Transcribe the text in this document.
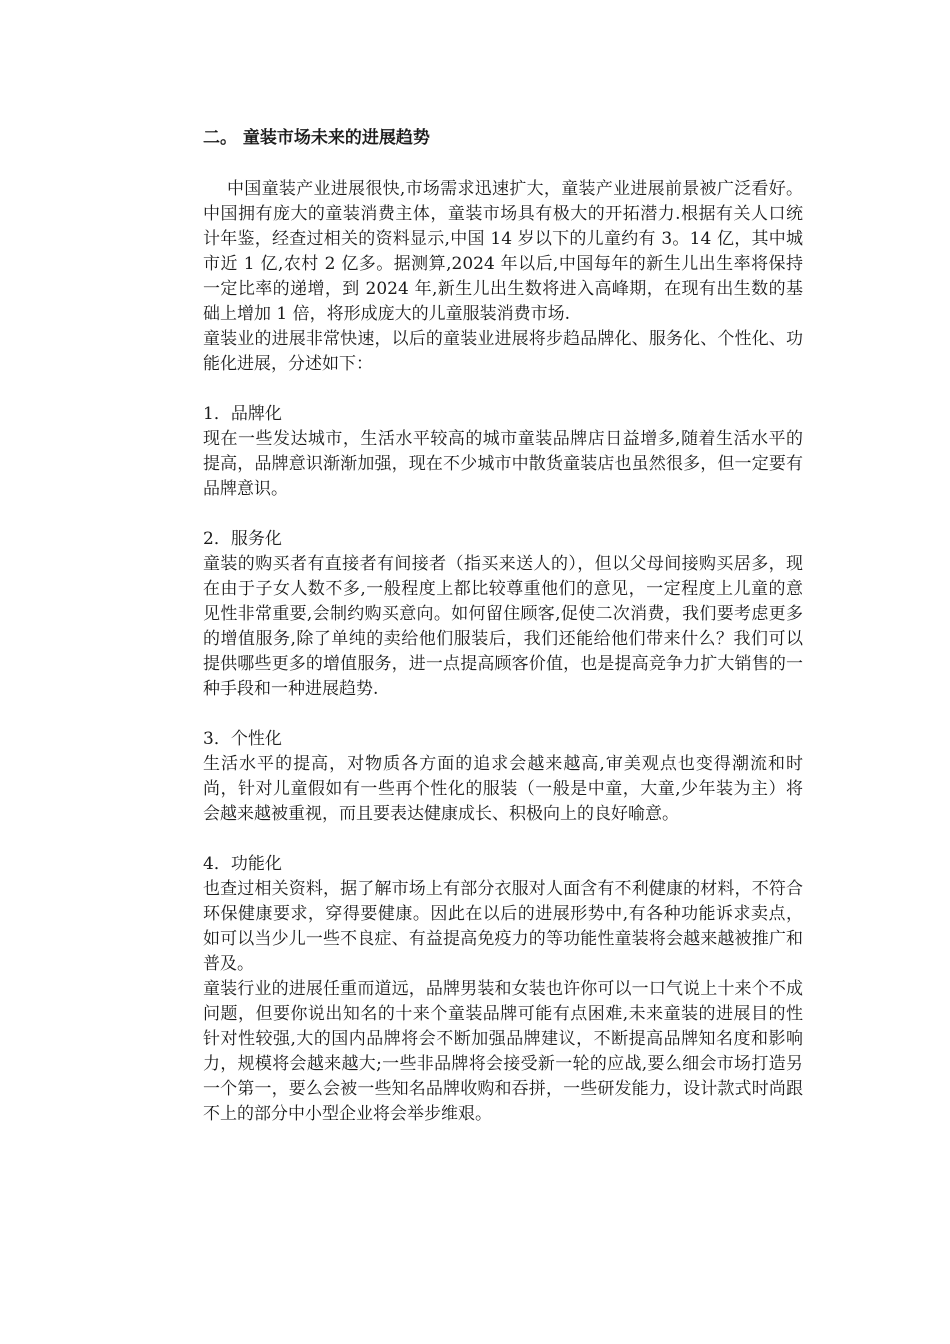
二。 童装市场未来的进展趋势

中国童装产业进展很快,市场需求迅速扩大，童装产业进展前景被广泛看好。中国拥有庞大的童装消费主体，童装市场具有极大的开拓潜力.根据有关人口统计年鉴，经查过相关的资料显示,中国 14 岁以下的儿童约有 3。14 亿，其中城市近 1 亿,农村 2 亿多。据测算,2024 年以后,中国每年的新生儿出生率将保持一定比率的递增，到 2024 年,新生儿出生数将进入高峰期，在现有出生数的基础上增加 1 倍，将形成庞大的儿童服装消费市场.

童装业的进展非常快速，以后的童装业进展将步趋品牌化、服务化、个性化、功能化进展，分述如下：

1．品牌化

现在一些发达城市，生活水平较高的城市童装品牌店日益增多,随着生活水平的提高，品牌意识渐渐加强，现在不少城市中散货童装店也虽然很多，但一定要有品牌意识。

2．服务化

童装的购买者有直接者有间接者（指买来送人的），但以父母间接购买居多，现在由于子女人数不多,一般程度上都比较尊重他们的意见，一定程度上儿童的意见性非常重要,会制约购买意向。如何留住顾客,促使二次消费，我们要考虑更多的增值服务,除了单纯的卖给他们服装后，我们还能给他们带来什么？我们可以提供哪些更多的增值服务，进一点提高顾客价值，也是提高竞争力扩大销售的一种手段和一种进展趋势.

3．个性化

生活水平的提高，对物质各方面的追求会越来越高,审美观点也变得潮流和时尚，针对儿童假如有一些再个性化的服装（一般是中童，大童,少年装为主）将会越来越被重视，而且要表达健康成长、积极向上的良好喻意。

4．功能化

也查过相关资料，据了解市场上有部分衣服对人面含有不利健康的材料，不符合环保健康要求，穿得要健康。因此在以后的进展形势中,有各种功能诉求卖点，如可以当少儿一些不良症、有益提高免疫力的等功能性童装将会越来越被推广和普及。

童装行业的进展任重而道远，品牌男装和女装也许你可以一口气说上十来个不成问题，但要你说出知名的十来个童装品牌可能有点困难,未来童装的进展目的性针对性较强,大的国内品牌将会不断加强品牌建议，不断提高品牌知名度和影响力，规模将会越来越大;一些非品牌将会接受新一轮的应战,要么细会市场打造另一个第一，要么会被一些知名品牌收购和吞拼，一些研发能力，设计款式时尚跟不上的部分中小型企业将会举步维艰。
